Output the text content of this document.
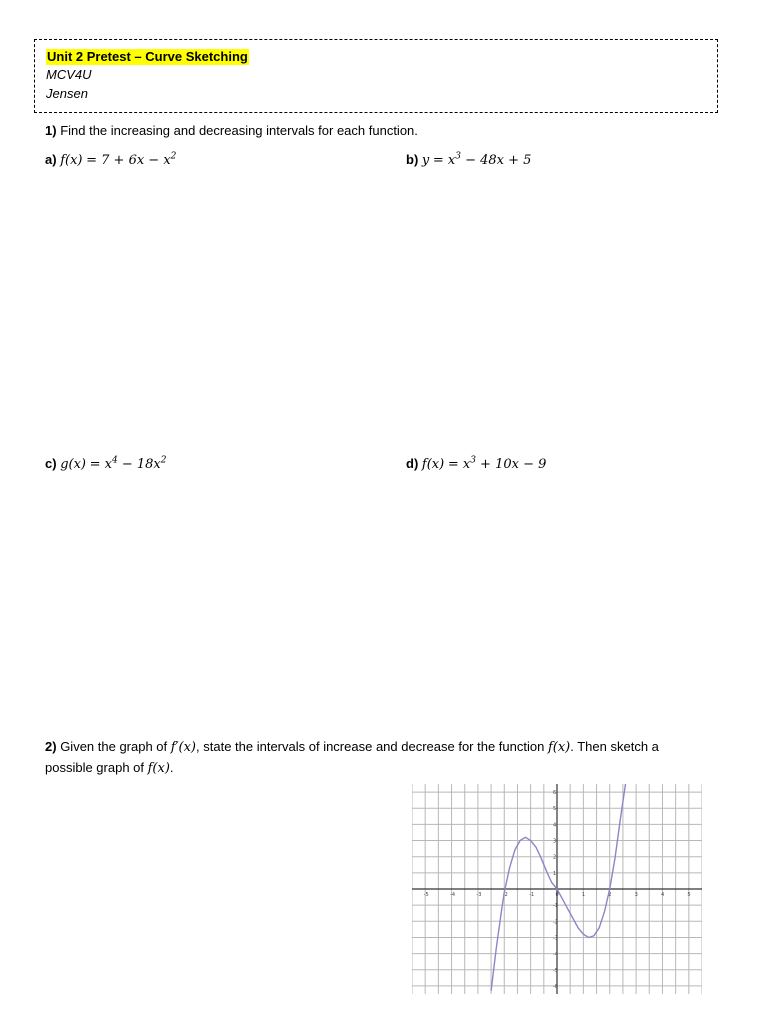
Unit 2 Pretest – Curve Sketching
MCV4U
Jensen
1) Find the increasing and decreasing intervals for each function.
a) $f(x) = 7 + 6x - x^2$	b) $y = x^3 - 48x + 5$
c) $g(x) = x^4 - 18x^2$	d) $f(x) = x^3 + 10x - 9$
2) Given the graph of f′(x), state the intervals of increase and decrease for the function f(x). Then sketch a
possible graph of f(x).
-5	-4	-3	-2	-1	0	1	2	3	4	5
-6
-5
-4
-3
-2
-1
1
2
3
4
5
6
